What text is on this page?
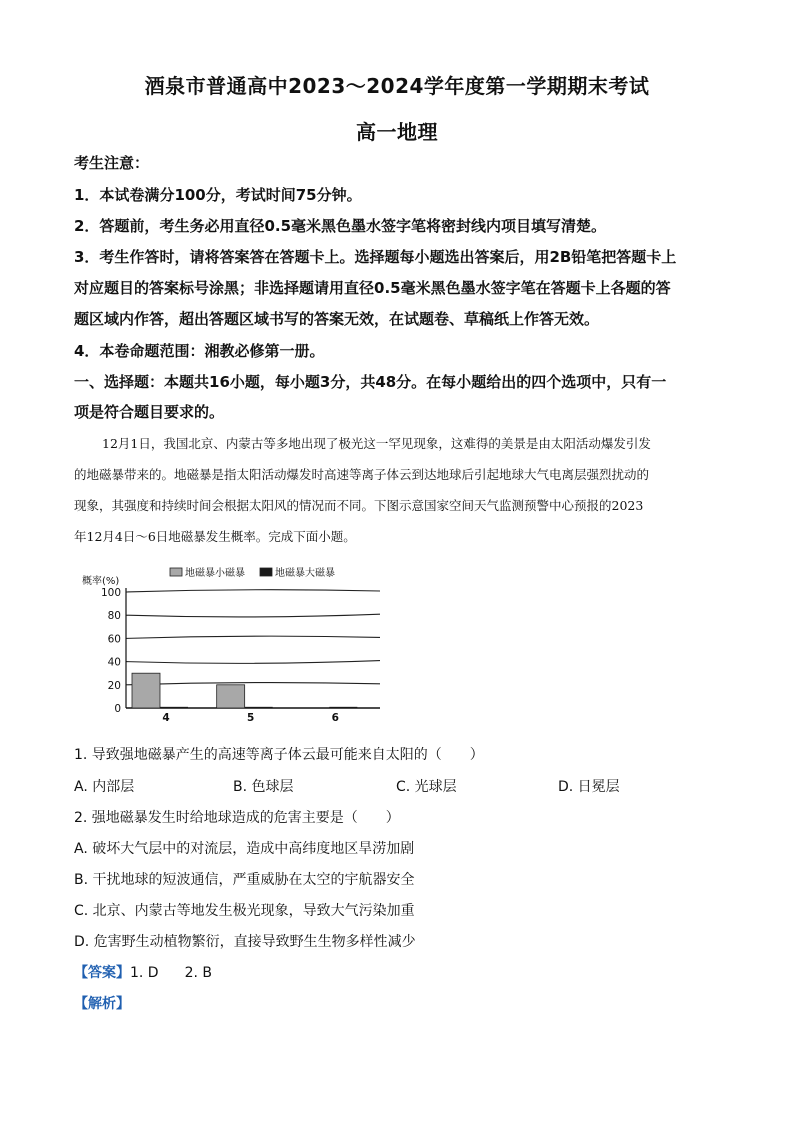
酒泉市普通高中2023～2024学年度第一学期期末考试
高一地理
考生注意：
1．本试卷满分100分，考试时间75分钟。
2．答题前，考生务必用直径0.5毫米黑色墨水签字笔将密封线内项目填写清楚。
3．考生作答时，请将答案答在答题卡上。选择题每小题选出答案后，用2B铅笔把答题卡上
对应题目的答案标号涂黑；非选择题请用直径0.5毫米黑色墨水签字笔在答题卡上各题的答
题区域内作答，超出答题区域书写的答案无效，在试题卷、草稿纸上作答无效。
4．本卷命题范围：湘教必修第一册。
一、选择题：本题共16小题，每小题3分，共48分。在每小题给出的四个选项中，只有一
项是符合题目要求的。
12月1日，我国北京、内蒙古等多地出现了极光这一罕见现象，这难得的美景是由太阳活动爆发引发
的地磁暴带来的。地磁暴是指太阳活动爆发时高速等离子体云到达地球后引起地球大气电离层强烈扰动的
现象，其强度和持续时间会根据太阳风的情况而不同。下图示意国家空间天气监测预警中心预报的2023
年12月4日～6日地磁暴发生概率。完成下面小题。
概率(%)
地磁暴小磁暴	地磁暴大磁暴
0
20
40
60
80
100
4	5	6
1. 导致强地磁暴产生的高速等离子体云最可能来自太阳的（　　）
A. 内部层	B. 色球层	C. 光球层	D. 日冕层
2. 强地磁暴发生时给地球造成的危害主要是（　　）
A. 破坏大气层中的对流层，造成中高纬度地区旱涝加剧
B. 干扰地球的短波通信，严重威胁在太空的宇航器安全
C. 北京、内蒙古等地发生极光现象，导致大气污染加重
D. 危害野生动植物繁衍，直接导致野生生物多样性减少
【答案】1. D 2. B
【解析】
